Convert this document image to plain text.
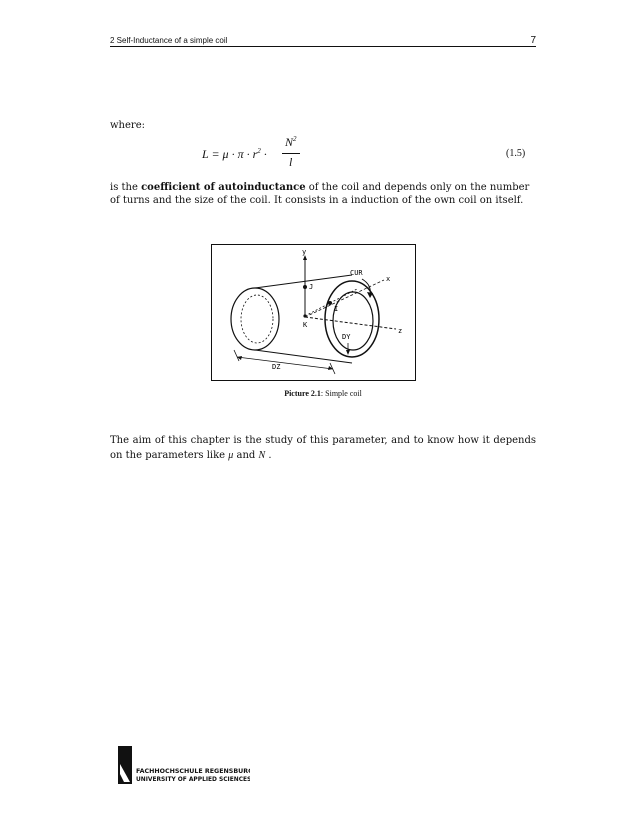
2 Self-Inductance of a simple coil	7
where:
$L = \mu \cdot \pi \cdot r^2$ ·
$N^2$
l
(1.5)
is the coefficient of autoinductance of the coil and depends only on the number of turns and the size of the coil. It consists in a induction of the own coil on itself.
y
z
x
J
K
I
CUR
DY
DZ
Picture 2.1: Simple coil
The aim of this chapter is the study of this parameter, and to know how it depends on the parameters like μ and N .
FACHHOCHSCHULE REGENSBURG
UNIVERSITY OF APPLIED SCIENCES
